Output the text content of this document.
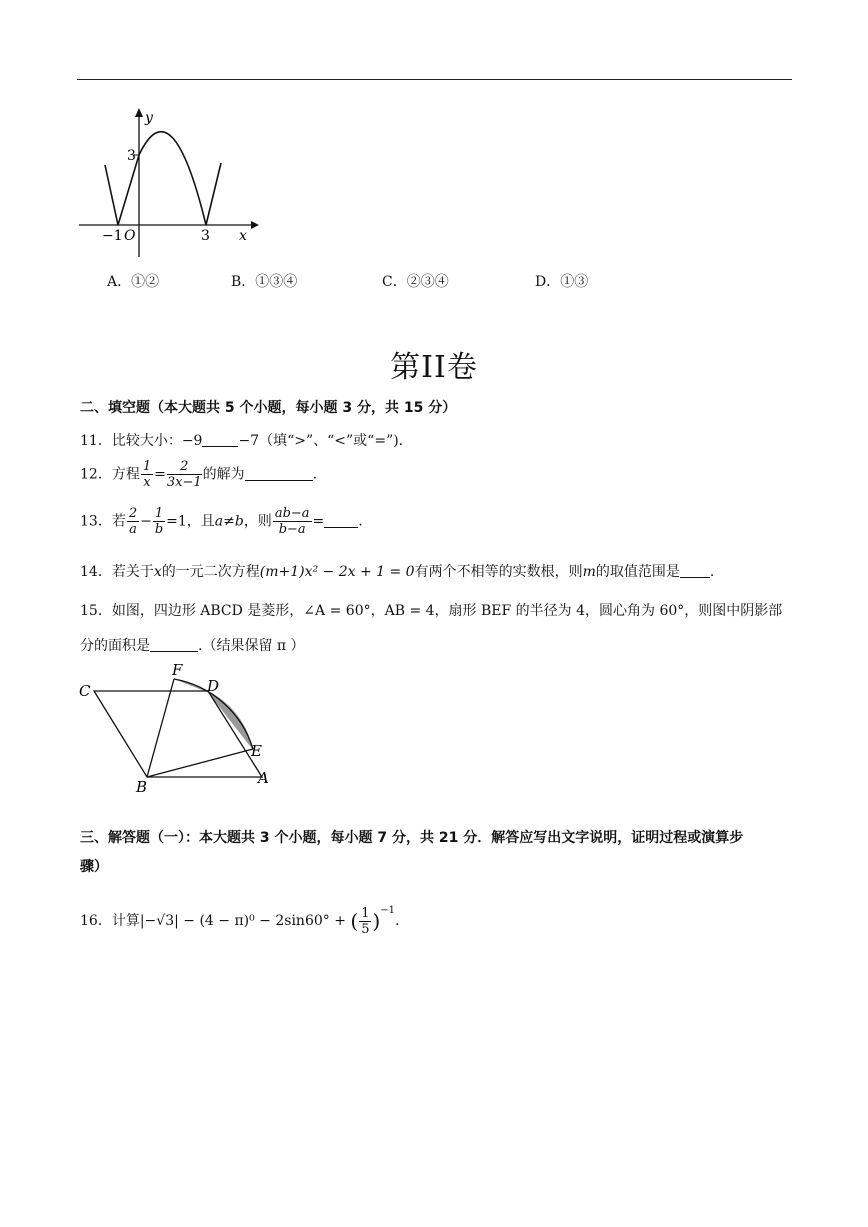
y
x
3
−1 O	3
A．①②	B．①③④	C．②③④	D．①③
第II卷
二、填空题（本大题共 5 个小题，每小题 3 分，共 15 分）
11．比较大小：−9	−7（填“>”、“<”或“=”).
12．方程 $\frac{1}{x} = \frac{2}{3x-1}$ 的解为	.
13．若 $\frac{2}{a} - \frac{1}{b} =1$，且a≠b，则 $\frac{ab-a}{b-a}$ = .
14．若关于x的一元二次方程(m+1)x² − 2x + 1 = 0有两个不相等的实数根，则m的取值范围是 .
15．如图，四边形 ABCD 是菱形，∠A = 60°，AB = 4，扇形 BEF 的半径为 4，圆心角为 60°，则图中阴影部
分的面积是	.（结果保留 π ）
C
F
D
E
B	A
三、解答题（一）：本大题共 3 个小题，每小题 7 分，共 21 分．解答应写出文字说明，证明过程或演算步
骤）
16．计算|−√3| − (4 − π)⁰ − 2sin60° + ( $\frac{1}{5} )^{-1}$.
